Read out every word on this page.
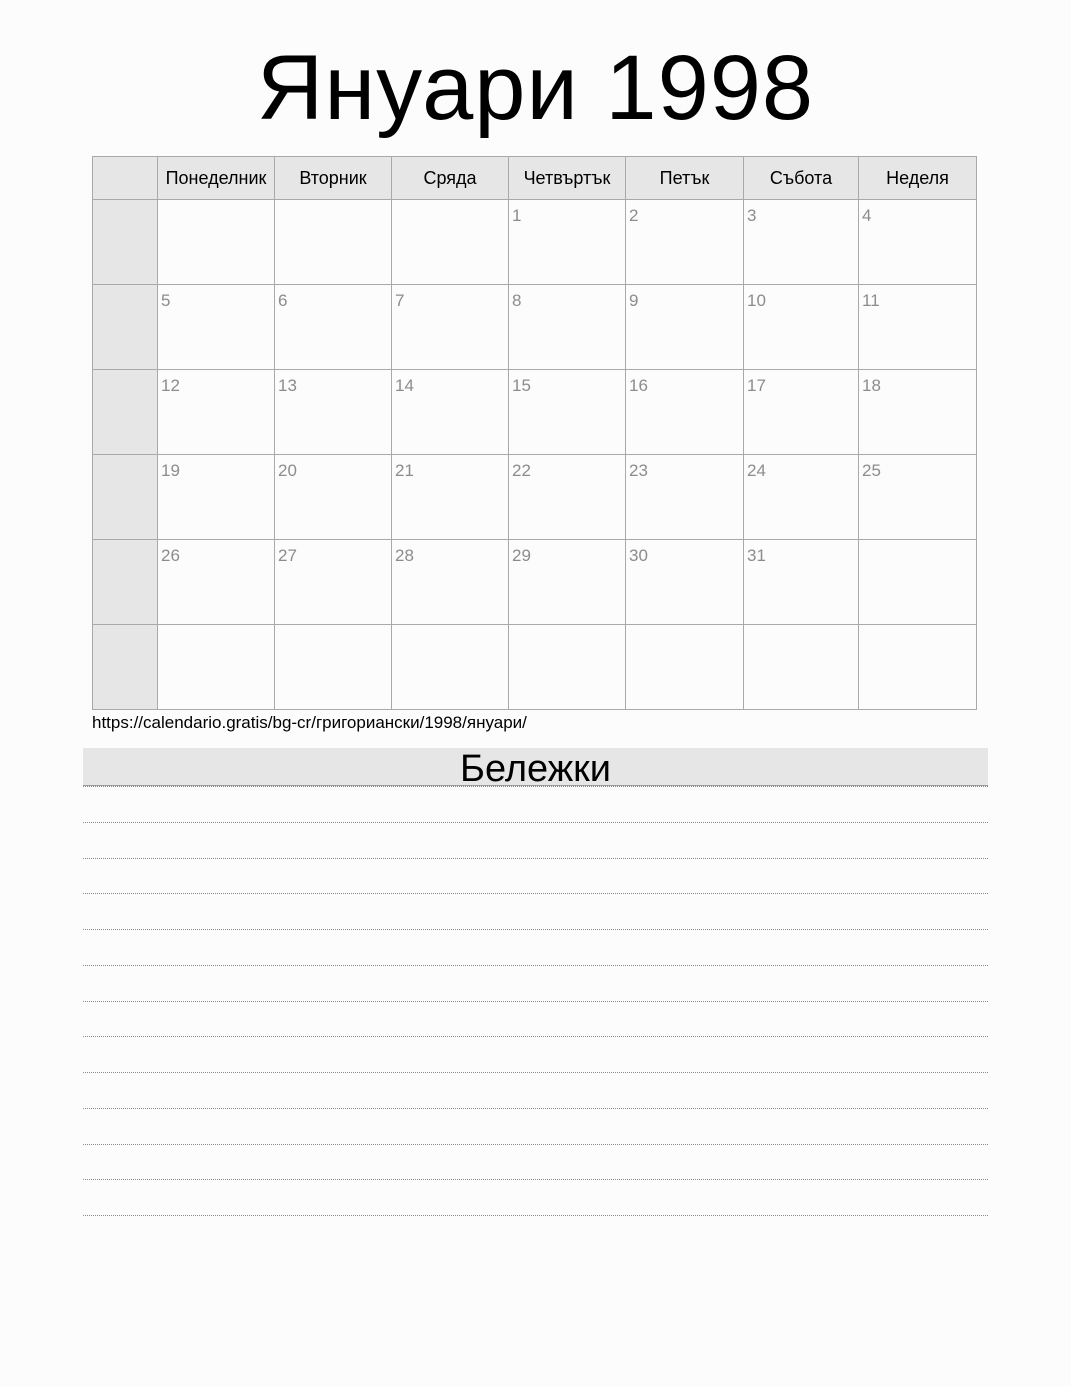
Януари 1998
	Понеделник	Вторник	Сряда	Четвъртък	Петък	Събота	Неделя

				1	2	3	4

	5	6	7	8	9	10	11

	12	13	14	15	16	17	18

	19	20	21	22	23	24	25

	26	27	28	29	30	31	

https://calendario.gratis/bg-cr/григориански/1998/януари/
Бележки
